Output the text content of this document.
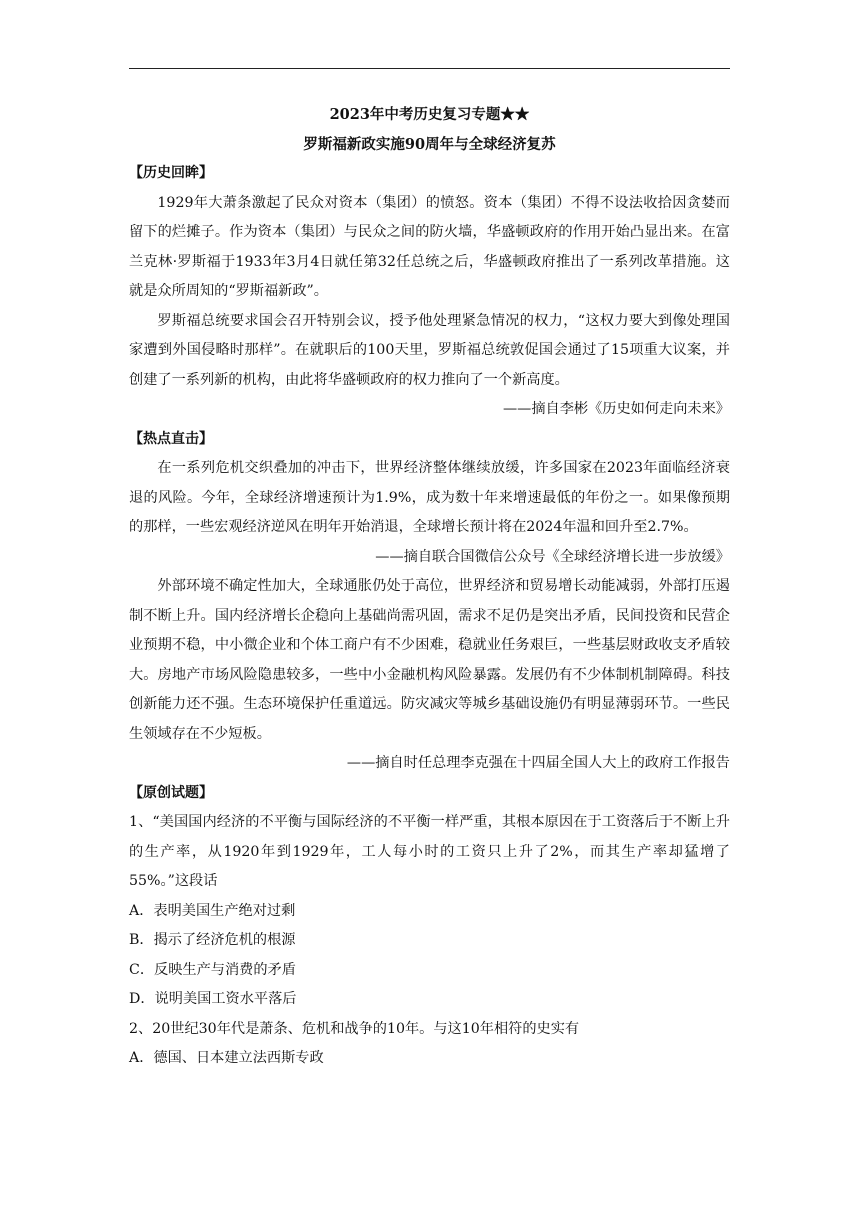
2023年中考历史复习专题★★
罗斯福新政实施90周年与全球经济复苏
【历史回眸】

1929年大萧条激起了民众对资本（集团）的愤怒。资本（集团）不得不设法收拾因贪婪而留下的烂摊子。作为资本（集团）与民众之间的防火墙，华盛顿政府的作用开始凸显出来。在富兰克林·罗斯福于1933年3月4日就任第32任总统之后，华盛顿政府推出了一系列改革措施。这就是众所周知的“罗斯福新政”。

罗斯福总统要求国会召开特别会议，授予他处理紧急情况的权力，“这权力要大到像处理国家遭到外国侵略时那样”。在就职后的100天里，罗斯福总统敦促国会通过了15项重大议案，并创建了一系列新的机构，由此将华盛顿政府的权力推向了一个新高度。

——摘自李彬《历史如何走向未来》

【热点直击】

在一系列危机交织叠加的冲击下，世界经济整体继续放缓，许多国家在2023年面临经济衰退的风险。今年，全球经济增速预计为1.9%，成为数十年来增速最低的年份之一。如果像预期的那样，一些宏观经济逆风在明年开始消退，全球增长预计将在2024年温和回升至2.7%。

——摘自联合国微信公众号《全球经济增长进一步放缓》

外部环境不确定性加大，全球通胀仍处于高位，世界经济和贸易增长动能减弱，外部打压遏制不断上升。国内经济增长企稳向上基础尚需巩固，需求不足仍是突出矛盾，民间投资和民营企业预期不稳，中小微企业和个体工商户有不少困难，稳就业任务艰巨，一些基层财政收支矛盾较大。房地产市场风险隐患较多，一些中小金融机构风险暴露。发展仍有不少体制机制障碍。科技创新能力还不强。生态环境保护任重道远。防灾减灾等城乡基础设施仍有明显薄弱环节。一些民生领域存在不少短板。

——摘自时任总理李克强在十四届全国人大上的政府工作报告

【原创试题】

1、“美国国内经济的不平衡与国际经济的不平衡一样严重，其根本原因在于工资落后于不断上升的生产率，从1920年到1929年，工人每小时的工资只上升了2%，而其生产率却猛增了55%。”这段话

A．表明美国生产绝对过剩

B．揭示了经济危机的根源

C．反映生产与消费的矛盾

D．说明美国工资水平落后

2、20世纪30年代是萧条、危机和战争的10年。与这10年相符的史实有

A．德国、日本建立法西斯专政
